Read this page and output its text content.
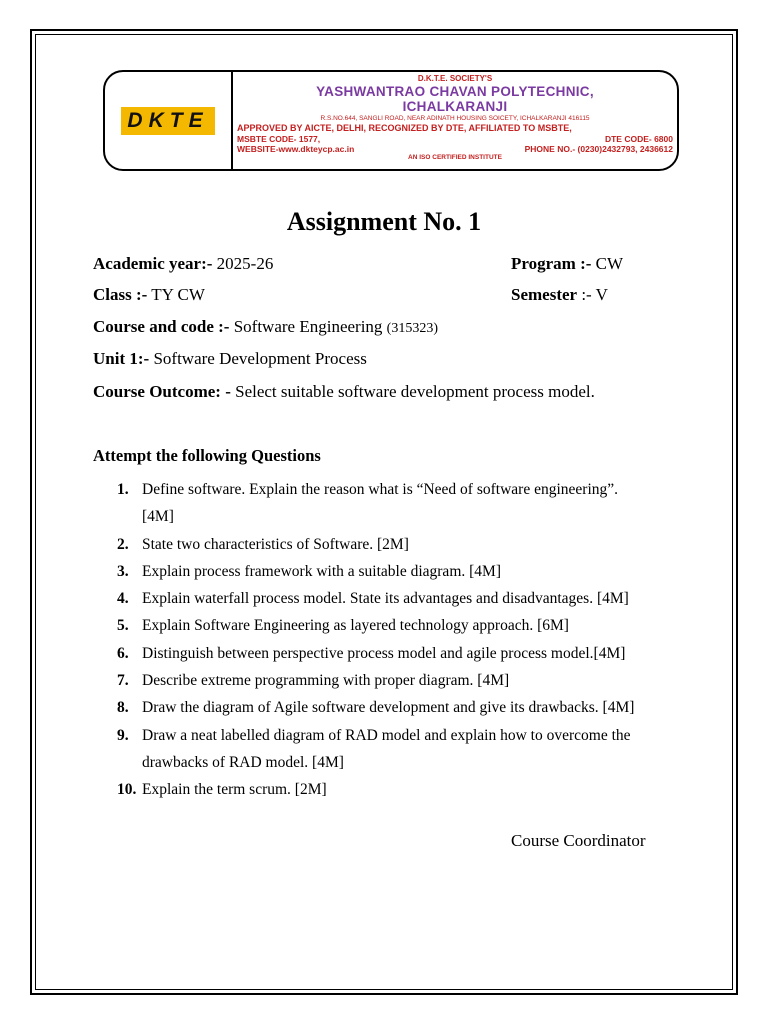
DKTE
D.K.T.E. SOCIETY'S
YASHWANTRAO CHAVAN POLYTECHNIC,
ICHALKARANJI
R.S.NO.644, SANGLI ROAD, NEAR ADINATH HOUSING SOICETY, ICHALKARANJI 416115
APPROVED BY AICTE, DELHI, RECOGNIZED BY DTE, AFFILIATED TO MSBTE,
MSBTE CODE- 1577,	DTE CODE- 6800
WEBSITE-www.dkteycp.ac.in	PHONE NO.- (0230)2432793, 2436612
AN ISO CERTIFIED INSTITUTE
Assignment No. 1
Academic year:- 2025-26	Program :- CW
Class :- TY CW	Semester :- V
Course and code :- Software Engineering (315323)
Unit 1:- Software Development Process
Course Outcome: - Select suitable software development process model.
Attempt the following Questions
1. Define software. Explain the reason what is “Need of software engineering”.
[4M]
2. State two characteristics of Software. [2M]
3. Explain process framework with a suitable diagram. [4M]
4. Explain waterfall process model. State its advantages and disadvantages. [4M]
5. Explain Software Engineering as layered technology approach. [6M]
6. Distinguish between perspective process model and agile process model.[4M]
7. Describe extreme programming with proper diagram. [4M]
8. Draw the diagram of Agile software development and give its drawbacks. [4M]
9. Draw a neat labelled diagram of RAD model and explain how to overcome the
drawbacks of RAD model. [4M]
10. Explain the term scrum. [2M]
Course Coordinator
